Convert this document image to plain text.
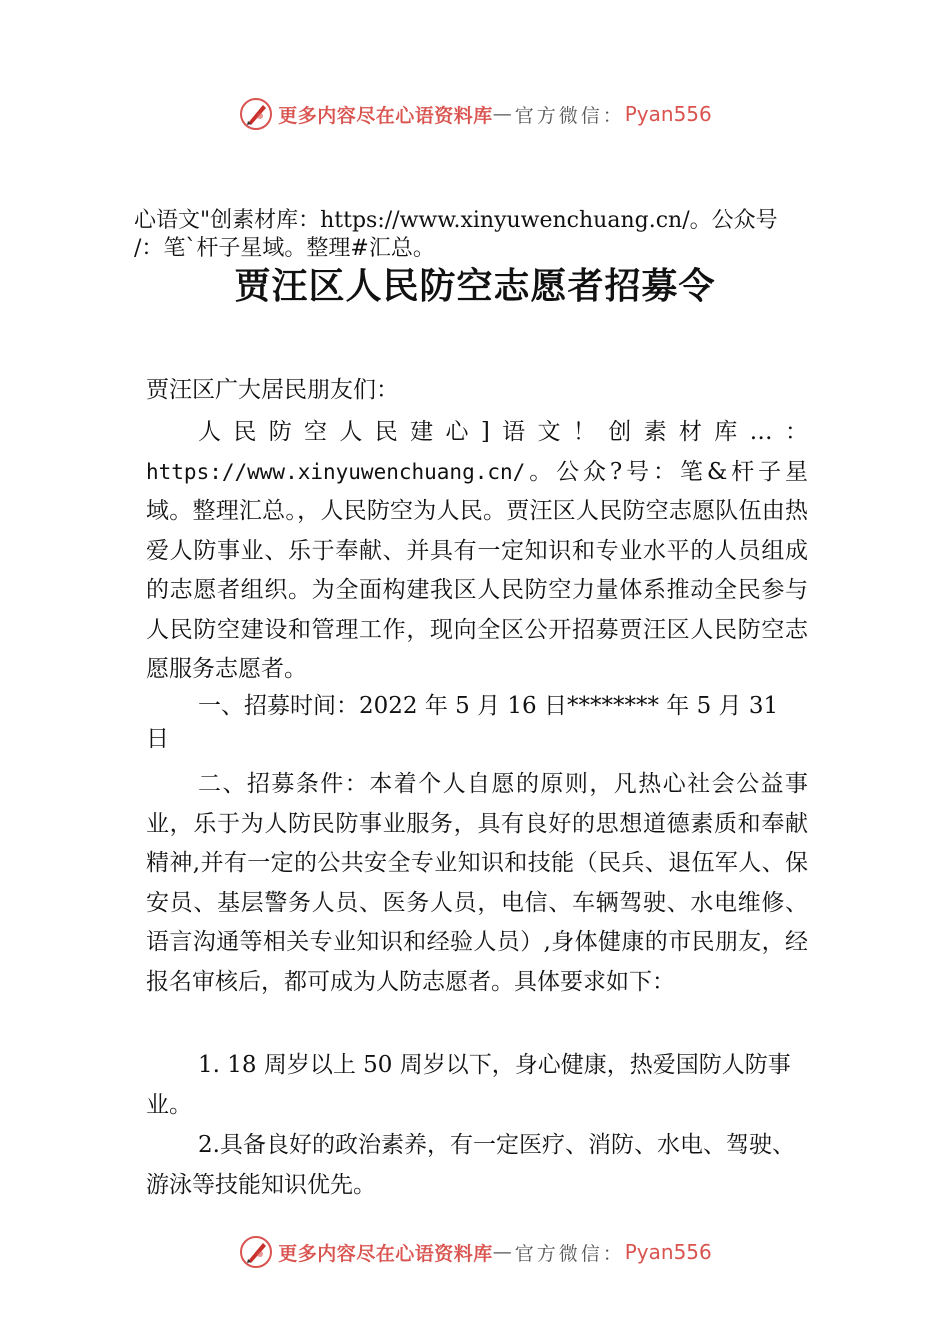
更多内容尽在心语资料库 — 官方微信： Pyan556
心语文"创素材库：https://www.xinyuwenchuang.cn/。公众号
/：笔`杆子星域。整理#汇总。
贾汪区人民防空志愿者招募令
贾汪区广大居民朋友们：
人民防空人民建心]语文！创素材库…：https://www.xinyuwenchuang.cn/。公众?号：笔&杆子星域。整理汇总。，人民防空为人民。贾汪区人民防空志愿队伍由热爱人防事业、乐于奉献、并具有一定知识和专业水平的人员组成的志愿者组织。为全面构建我区人民防空力量体系推动全民参与人民防空建设和管理工作，现向全区公开招募贾汪区人民防空志愿服务志愿者。
一、招募时间：2022 年 5 月 16 日******** 年 5 月 31 日
二、招募条件：本着个人自愿的原则，凡热心社会公益事业，乐于为人防民防事业服务，具有良好的思想道德素质和奉献精神,并有一定的公共安全专业知识和技能（民兵、退伍军人、保安员、基层警务人员、医务人员，电信、车辆驾驶、水电维修、语言沟通等相关专业知识和经验人员）,身体健康的市民朋友，经报名审核后，都可成为人防志愿者。具体要求如下：
1. 18 周岁以上 50 周岁以下，身心健康，热爱国防人防事业。
2.具备良好的政治素养，有一定医疗、消防、水电、驾驶、游泳等技能知识优先。
更多内容尽在心语资料库 — 官方微信： Pyan556
